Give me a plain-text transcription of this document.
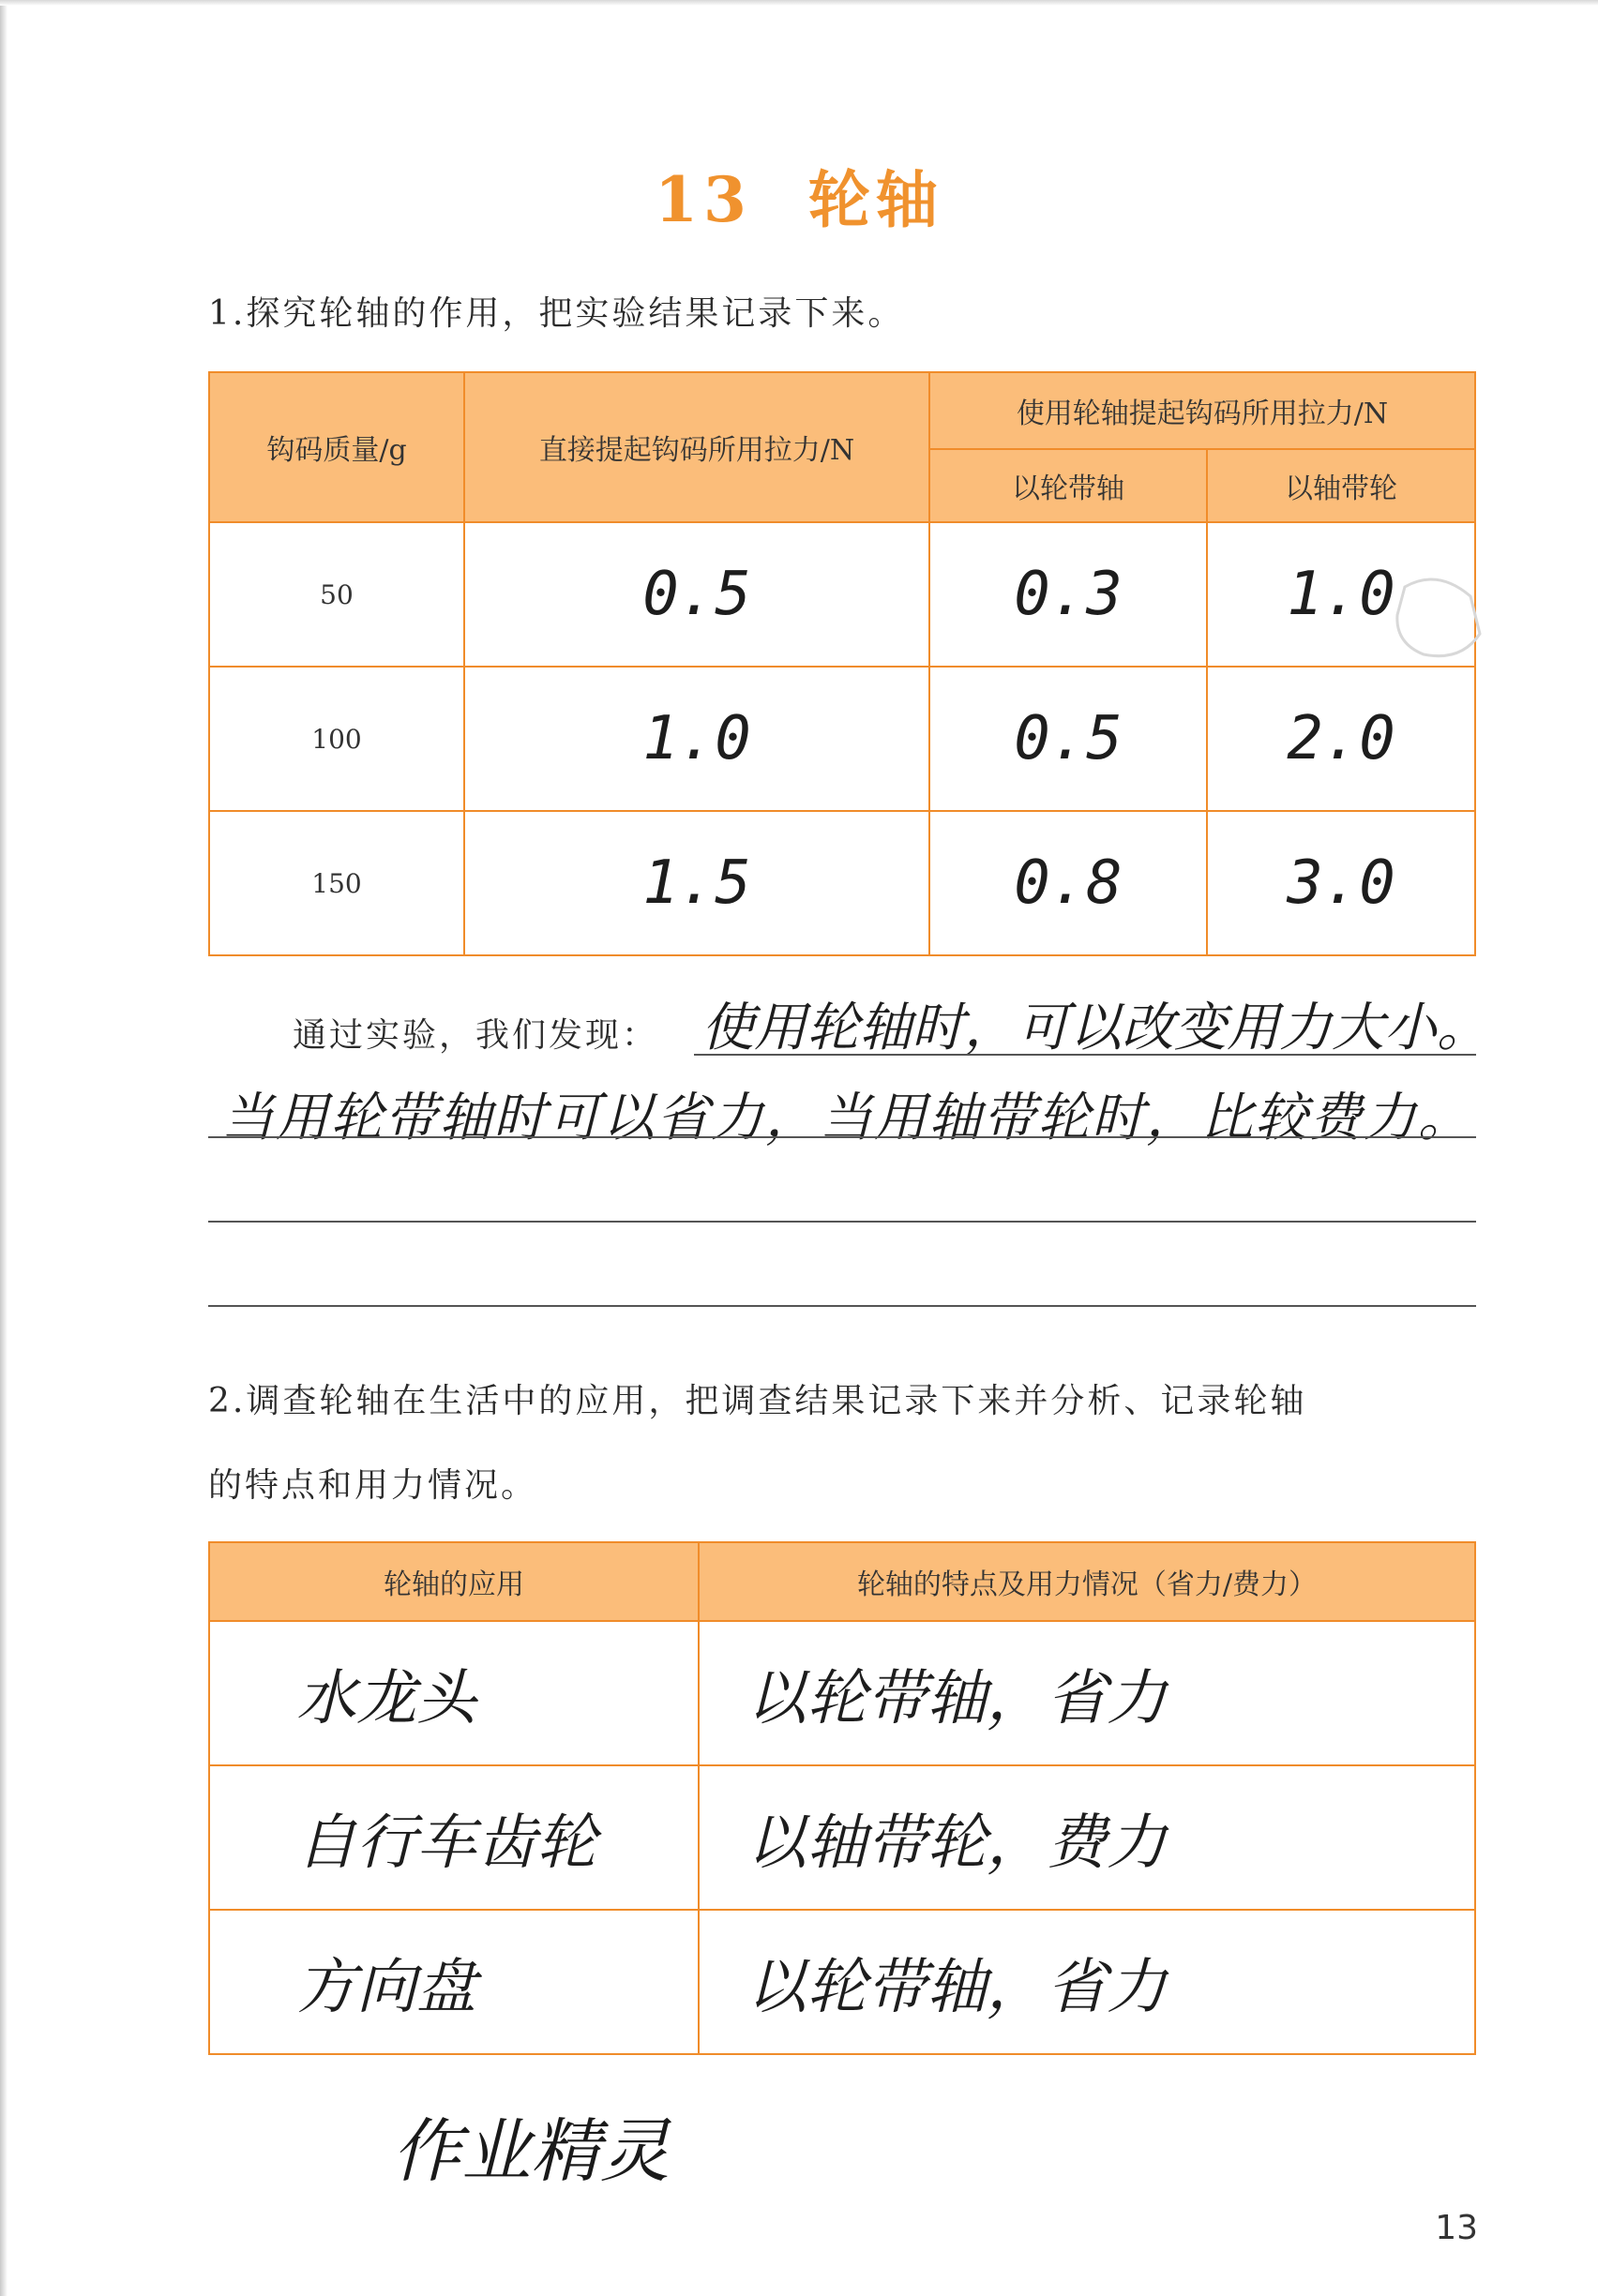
13 轮轴
1.探究轮轴的作用，把实验结果记录下来。
钩码质量/g	直接提起钩码所用拉力/N	使用轮轴提起钩码所用拉力/N	
		以轮带轴	以轴带轮
50	0.5	0.3	1.0
100	1.0	0.5	2.0
150	1.5	0.8	3.0
通过实验，我们发现： 使用轮轴时，可以改变用力大小。
当用轮带轴时可以省力，当用轴带轮时，比较费力。
2.调查轮轴在生活中的应用，把调查结果记录下来并分析、记录轮轴
的特点和用力情况。
轮轴的应用	轮轴的特点及用力情况（省力/费力）
水龙头	以轮带轴，省力
自行车齿轮	以轴带轮，费力
方向盘	以轮带轴，省力
作业精灵
13
